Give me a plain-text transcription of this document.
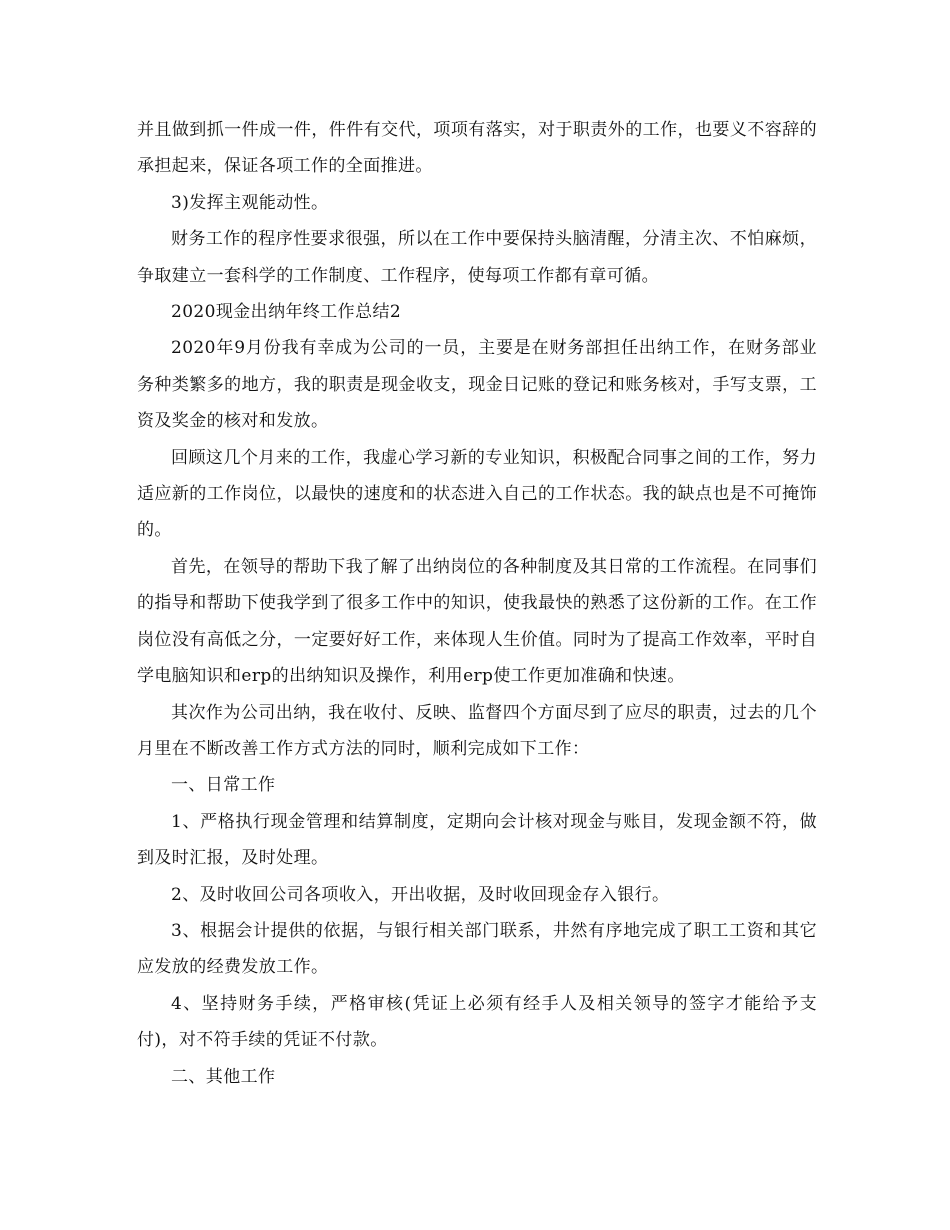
并且做到抓一件成一件，件件有交代，项项有落实，对于职责外的工作，也要义不容辞的承担起来，保证各项工作的全面推进。

3)发挥主观能动性。

财务工作的程序性要求很强，所以在工作中要保持头脑清醒，分清主次、不怕麻烦，争取建立一套科学的工作制度、工作程序，使每项工作都有章可循。

2020现金出纳年终工作总结2

2020年9月份我有幸成为公司的一员，主要是在财务部担任出纳工作，在财务部业务种类繁多的地方，我的职责是现金收支，现金日记账的登记和账务核对，手写支票，工资及奖金的核对和发放。

回顾这几个月来的工作，我虚心学习新的专业知识，积极配合同事之间的工作，努力适应新的工作岗位，以最快的速度和的状态进入自己的工作状态。我的缺点也是不可掩饰的。

首先，在领导的帮助下我了解了出纳岗位的各种制度及其日常的工作流程。在同事们的指导和帮助下使我学到了很多工作中的知识，使我最快的熟悉了这份新的工作。在工作岗位没有高低之分，一定要好好工作，来体现人生价值。同时为了提高工作效率，平时自学电脑知识和erp的出纳知识及操作，利用erp使工作更加准确和快速。

其次作为公司出纳，我在收付、反映、监督四个方面尽到了应尽的职责，过去的几个月里在不断改善工作方式方法的同时，顺利完成如下工作：

一、日常工作

1、严格执行现金管理和结算制度，定期向会计核对现金与账目，发现金额不符，做到及时汇报，及时处理。

2、及时收回公司各项收入，开出收据，及时收回现金存入银行。

3、根据会计提供的依据，与银行相关部门联系，井然有序地完成了职工工资和其它应发放的经费发放工作。

4、坚持财务手续，严格审核(凭证上必须有经手人及相关领导的签字才能给予支付)，对不符手续的凭证不付款。

二、其他工作
